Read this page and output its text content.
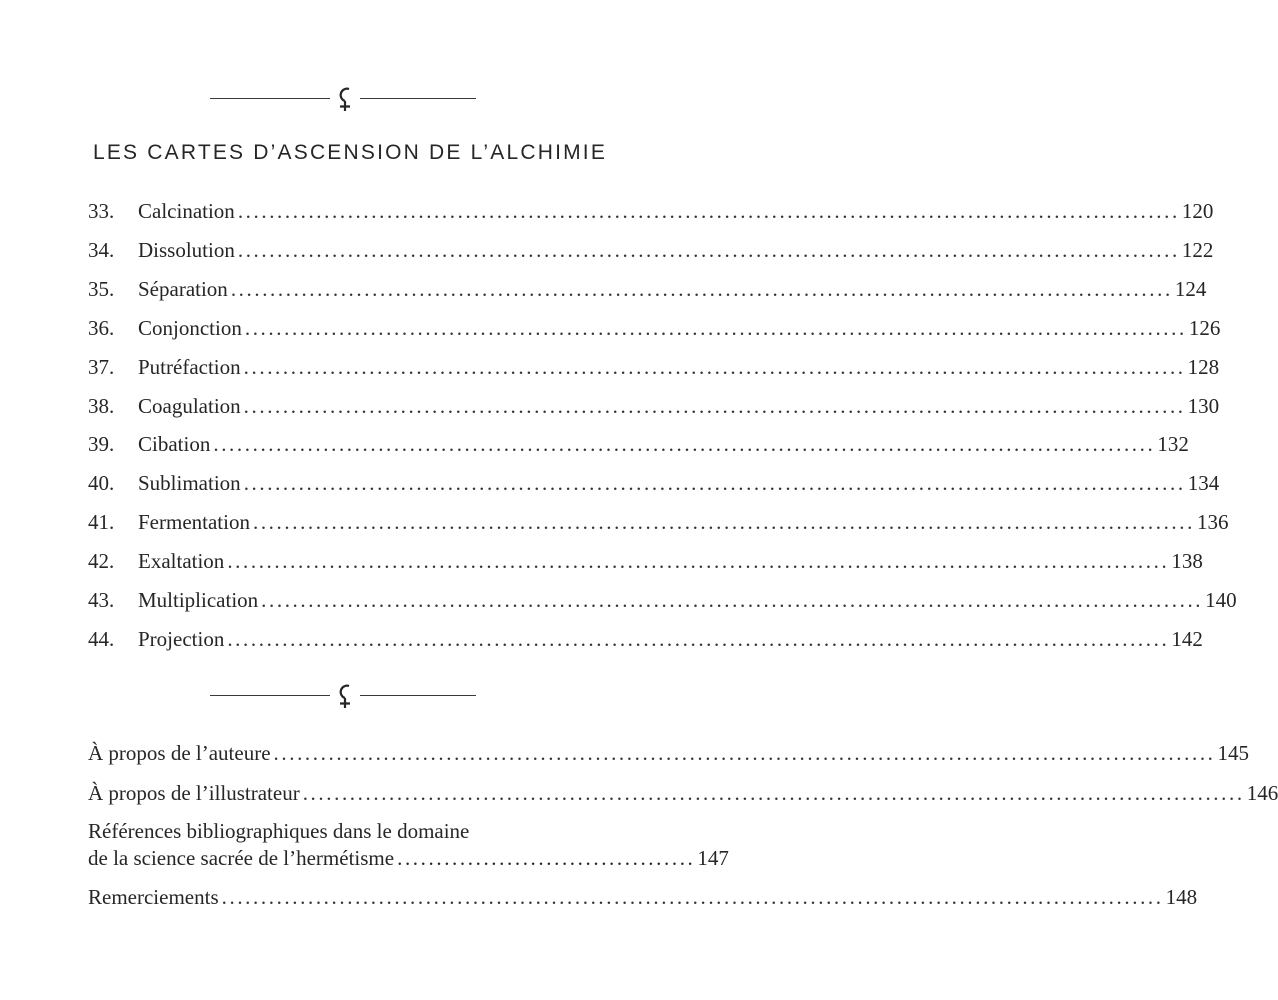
LES CARTES D’ASCENSION DE L’ALCHIMIE
33.	Calcination .....	120
34.	Dissolution .....	122
35.	Séparation .....	124
36.	Conjonction .....	126
37.	Putréfaction .....	128
38.	Coagulation .....	130
39.	Cibation .....	132
40.	Sublimation .....	134
41.	Fermentation .....	136
42.	Exaltation .....	138
43.	Multiplication .....	140
44.	Projection .....	142
À propos de l’auteure .....	145
À propos de l’illustrateur .....	146
Références bibliographiques dans le domaine
de la science sacrée de l’hermétisme ...................................... 147
Remerciements .....	148
